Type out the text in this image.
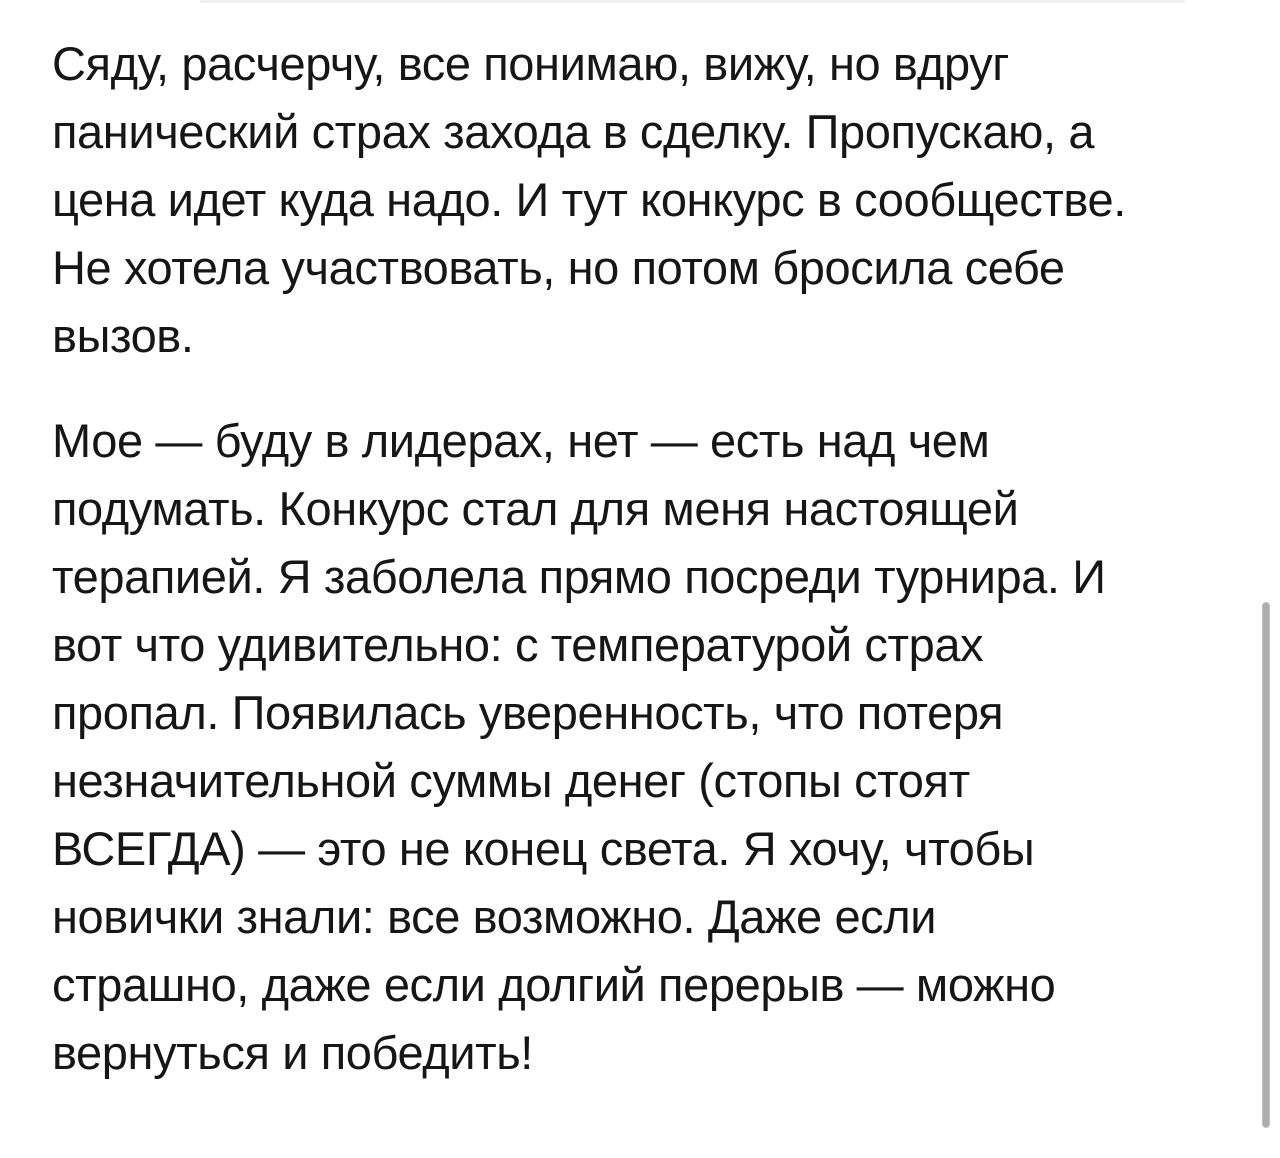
Сяду, расчерчу, все понимаю, вижу, но вдруг
панический страх захода в сделку. Пропускаю, а
цена идет куда надо. И тут конкурс в сообществе.
Не хотела участвовать, но потом бросила себе
вызов.

Мое — буду в лидерах, нет — есть над чем
подумать. Конкурс стал для меня настоящей
терапией. Я заболела прямо посреди турнира. И
вот что удивительно: с температурой страх
пропал. Появилась уверенность, что потеря
незначительной суммы денег (стопы стоят
ВСЕГДА) — это не конец света. Я хочу, чтобы
новички знали: все возможно. Даже если
страшно, даже если долгий перерыв — можно
вернуться и победить!
